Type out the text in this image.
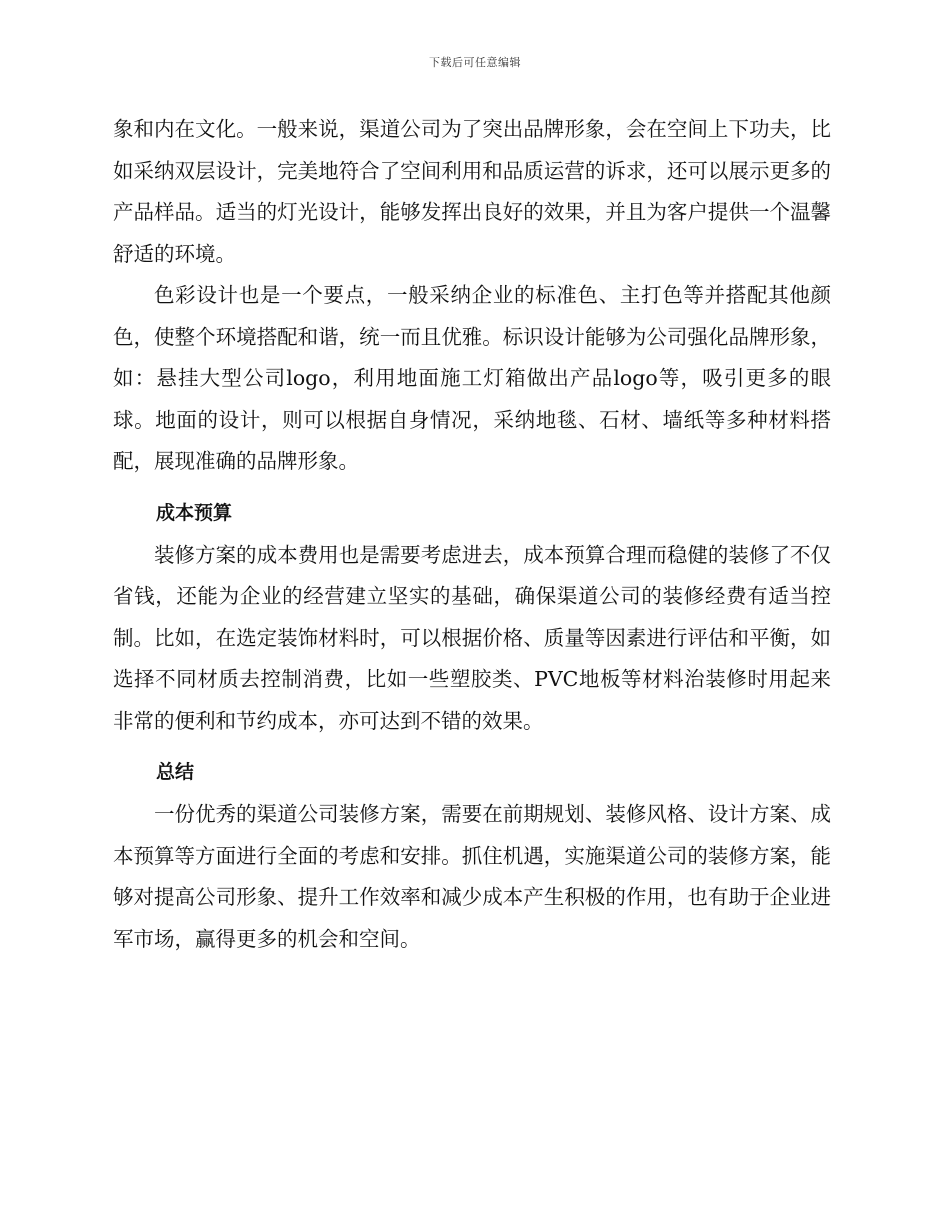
下载后可任意编辑

象和内在文化。一般来说，渠道公司为了突出品牌形象，会在空间上下功夫，比如采纳双层设计，完美地符合了空间利用和品质运营的诉求，还可以展示更多的产品样品。适当的灯光设计，能够发挥出良好的效果，并且为客户提供一个温馨舒适的环境。

色彩设计也是一个要点，一般采纳企业的标准色、主打色等并搭配其他颜色，使整个环境搭配和谐，统一而且优雅。标识设计能够为公司强化品牌形象，如：悬挂大型公司logo，利用地面施工灯箱做出产品logo等，吸引更多的眼球。地面的设计，则可以根据自身情况，采纳地毯、石材、墙纸等多种材料搭配，展现准确的品牌形象。

成本预算

装修方案的成本费用也是需要考虑进去，成本预算合理而稳健的装修了不仅省钱，还能为企业的经营建立坚实的基础，确保渠道公司的装修经费有适当控制。比如，在选定装饰材料时，可以根据价格、质量等因素进行评估和平衡，如选择不同材质去控制消费，比如一些塑胶类、PVC地板等材料治装修时用起来非常的便利和节约成本，亦可达到不错的效果。

总结

一份优秀的渠道公司装修方案，需要在前期规划、装修风格、设计方案、成本预算等方面进行全面的考虑和安排。抓住机遇，实施渠道公司的装修方案，能够对提高公司形象、提升工作效率和减少成本产生积极的作用，也有助于企业进军市场，赢得更多的机会和空间。
